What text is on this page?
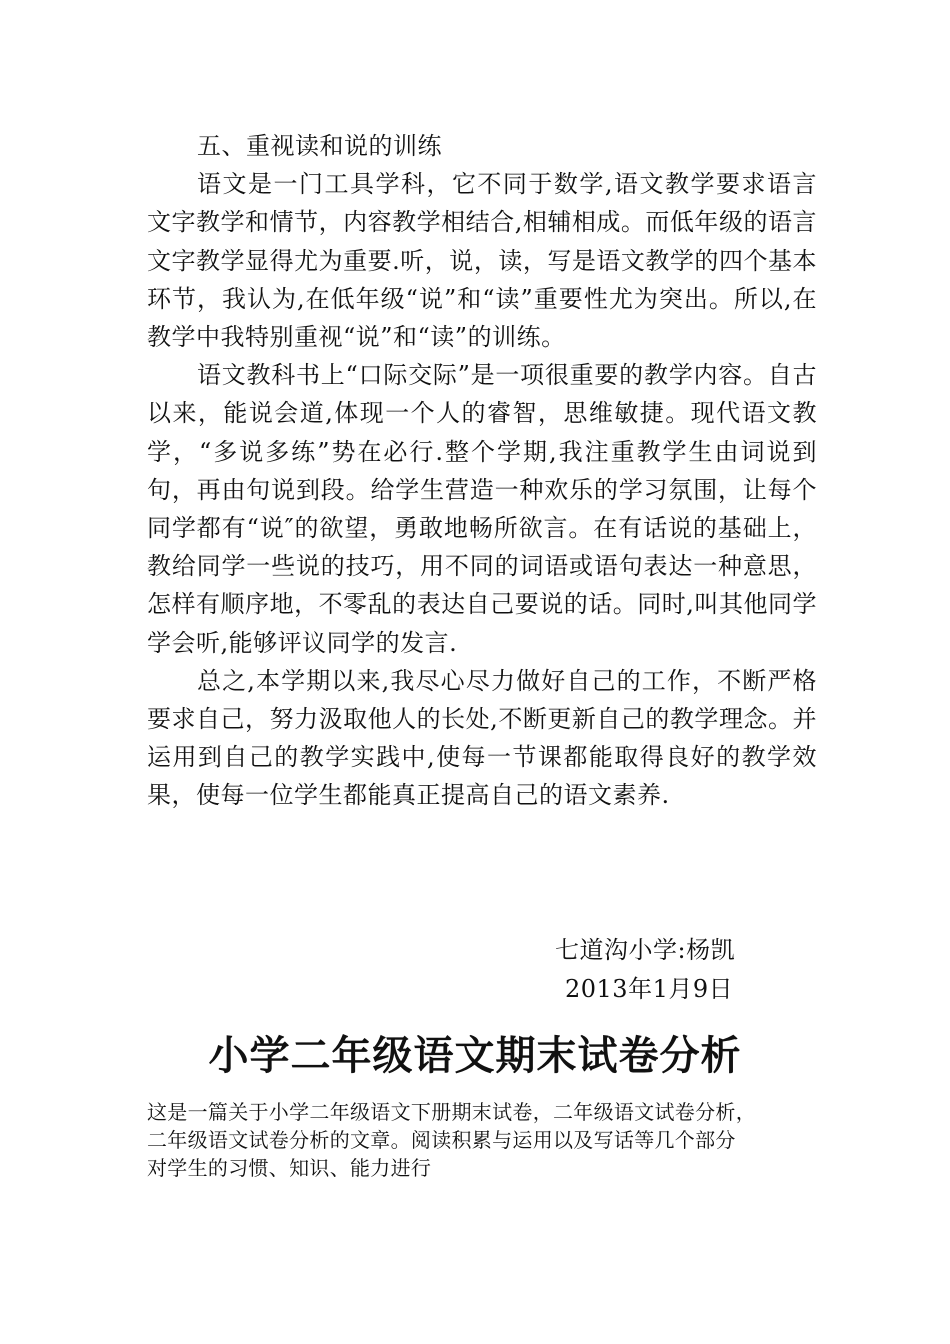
五、重视读和说的训练

语文是一门工具学科，它不同于数学,语文教学要求语言文字教学和情节，内容教学相结合,相辅相成。而低年级的语言文字教学显得尤为重要.听，说，读，写是语文教学的四个基本环节，我认为,在低年级“说”和“读”重要性尤为突出。所以,在教学中我特别重视“说”和“读”的训练。

语文教科书上“口际交际”是一项很重要的教学内容。自古以来，能说会道,体现一个人的睿智，思维敏捷。现代语文教学，“多说多练”势在必行.整个学期,我注重教学生由词说到句，再由句说到段。给学生营造一种欢乐的学习氛围，让每个同学都有“说″的欲望，勇敢地畅所欲言。在有话说的基础上，教给同学一些说的技巧，用不同的词语或语句表达一种意思，怎样有顺序地，不零乱的表达自己要说的话。同时,叫其他同学学会听,能够评议同学的发言.

总之,本学期以来,我尽心尽力做好自己的工作，不断严格要求自己，努力汲取他人的长处,不断更新自己的教学理念。并运用到自己的教学实践中,使每一节课都能取得良好的教学效果，使每一位学生都能真正提高自己的语文素养.

七道沟小学:杨凯
2013年1月9日
小学二年级语文期末试卷分析

这是一篇关于小学二年级语文下册期末试卷，二年级语文试卷分析，

二年级语文试卷分析的文章。阅读积累与运用以及写话等几个部分

对学生的习惯、知识、能力进行
